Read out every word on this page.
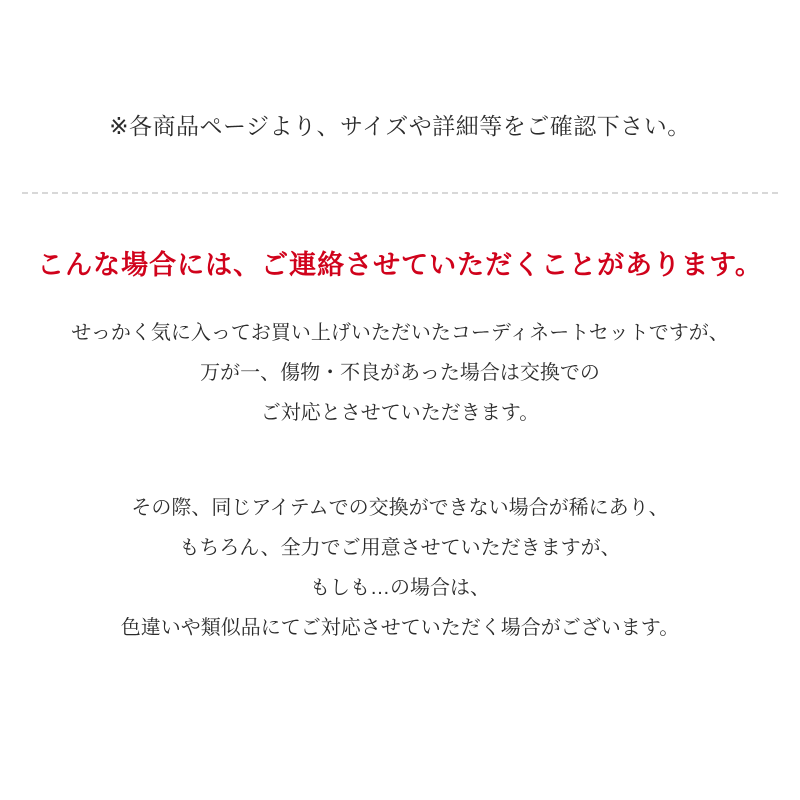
※各商品ページより、サイズや詳細等をご確認下さい。
こんな場合には、ご連絡させていただくことがあります。
せっかく気に入ってお買い上げいただいたコーディネートセットですが、
万が一、傷物・不良があった場合は交換での
ご対応とさせていただきます。
その際、同じアイテムでの交換ができない場合が稀にあり、
もちろん、全力でご用意させていただきますが、
もしも…の場合は、
色違いや類似品にてご対応させていただく場合がございます。
